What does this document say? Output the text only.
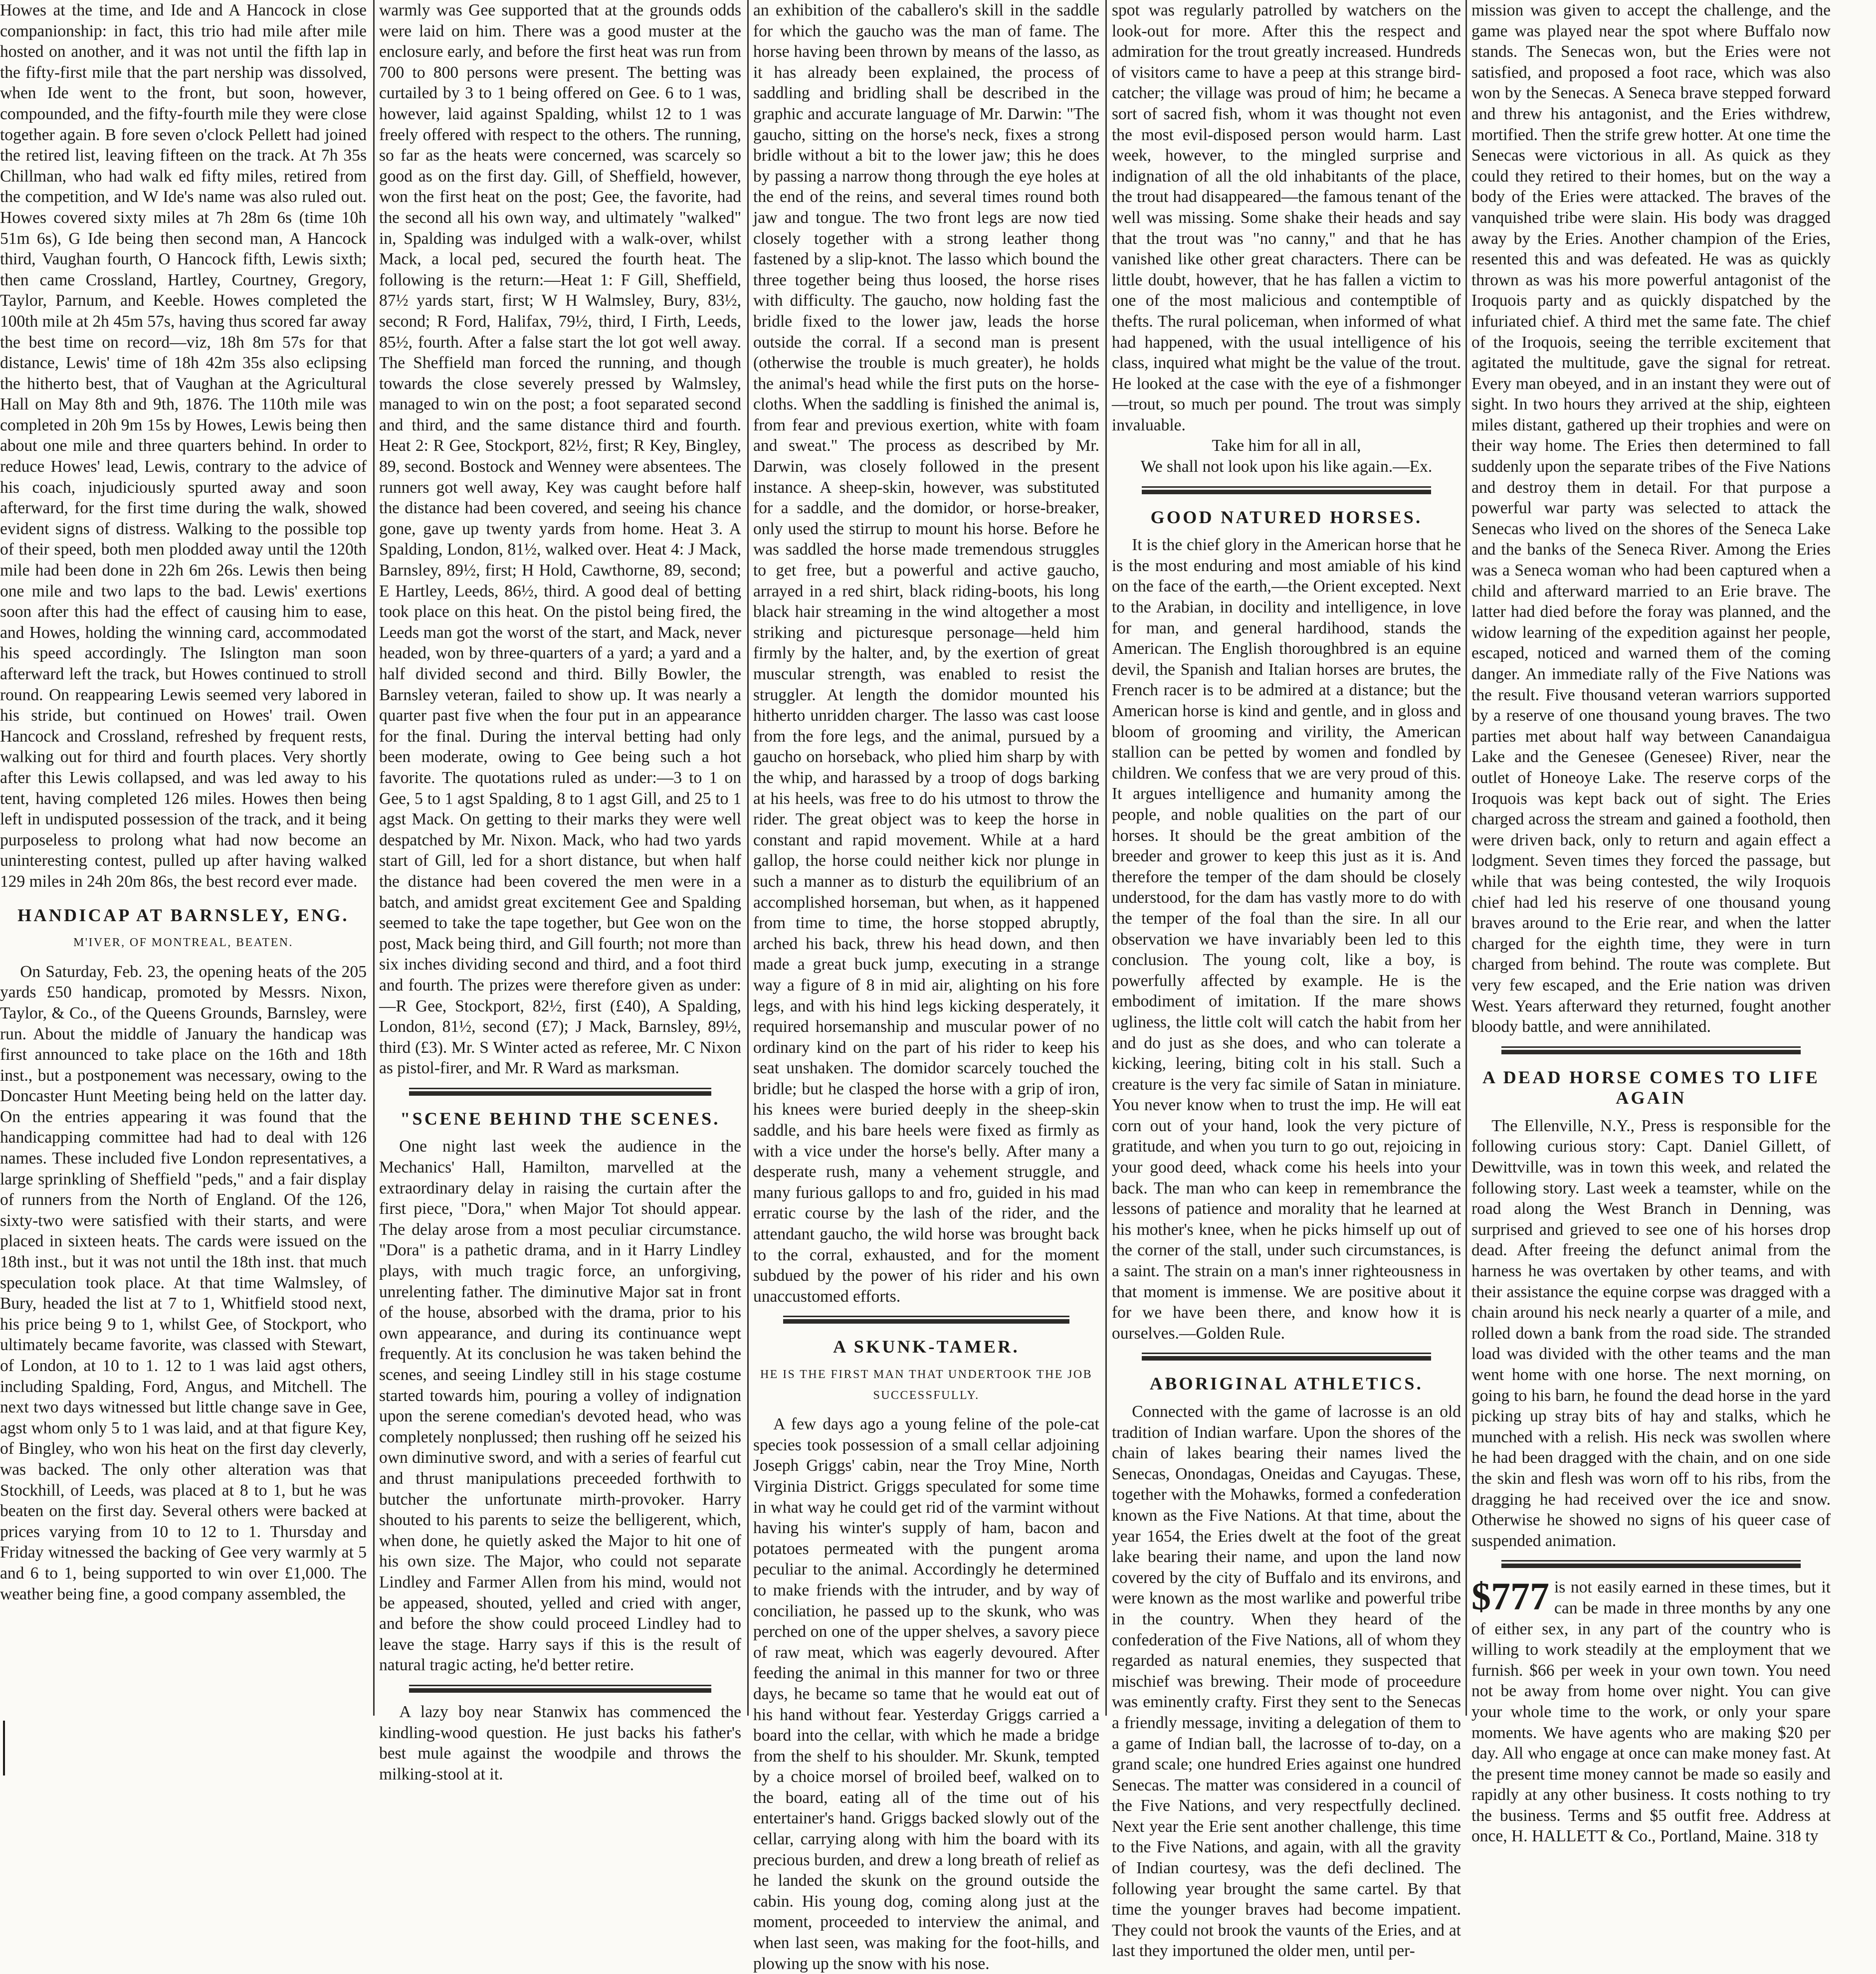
Howes at the time, and Ide and A Hancock in close companionship: in fact, this trio had mile after mile hosted on another, and it was not until the fifth lap in the fifty-first mile that the part nership was dissolved, when Ide went to the front, but soon, however, compounded, and the fifty-fourth mile they were close together again. B fore seven o'clock Pellett had joined the retired list, leaving fifteen on the track. At 7h 35s Chillman, who had walk ed fifty miles, retired from the competition, and W Ide's name was also ruled out. Howes covered sixty miles at 7h 28m 6s (time 10h 51m 6s), G Ide being then second man, A Hancock third, Vaughan fourth, O Hancock fifth, Lewis sixth; then came Crossland, Hartley, Courtney, Gregory, Taylor, Parnum, and Keeble. Howes completed the 100th mile at 2h 45m 57s, having thus scored far away the best time on record—viz, 18h 8m 57s for that distance, Lewis' time of 18h 42m 35s also eclipsing the hitherto best, that of Vaughan at the Agricultural Hall on May 8th and 9th, 1876. The 110th mile was completed in 20h 9m 15s by Howes, Lewis being then about one mile and three quarters behind. In order to reduce Howes' lead, Lewis, contrary to the advice of his coach, injudiciously spurted away and soon afterward, for the first time during the walk, showed evident signs of distress. Walking to the possible top of their speed, both men plodded away until the 120th mile had been done in 22h 6m 26s. Lewis then being one mile and two laps to the bad. Lewis' exertions soon after this had the effect of causing him to ease, and Howes, holding the winning card, accommodated his speed accordingly. The Islington man soon afterward left the track, but Howes continued to stroll round. On reappearing Lewis seemed very labored in his stride, but continued on Howes' trail. Owen Hancock and Crossland, refreshed by frequent rests, walking out for third and fourth places. Very shortly after this Lewis collapsed, and was led away to his tent, having completed 126 miles. Howes then being left in undisputed possession of the track, and it being purposeless to prolong what had now become an uninteresting contest, pulled up after having walked 129 miles in 24h 20m 86s, the best record ever made.

HANDICAP AT BARNSLEY, ENG.

M'IVER, OF MONTREAL, BEATEN.

On Saturday, Feb. 23, the opening heats of the 205 yards £50 handicap, promoted by Messrs. Nixon, Taylor, & Co., of the Queens Grounds, Barnsley, were run. About the middle of January the handicap was first announced to take place on the 16th and 18th inst., but a postponement was necessary, owing to the Doncaster Hunt Meeting being held on the latter day. On the entries appearing it was found that the handicapping committee had had to deal with 126 names. These included five London representatives, a large sprinkling of Sheffield "peds," and a fair display of runners from the North of England. Of the 126, sixty-two were satisfied with their starts, and were placed in sixteen heats. The cards were issued on the 18th inst., but it was not until the 18th inst. that much speculation took place. At that time Walmsley, of Bury, headed the list at 7 to 1, Whitfield stood next, his price being 9 to 1, whilst Gee, of Stockport, who ultimately became favorite, was classed with Stewart, of London, at 10 to 1. 12 to 1 was laid agst others, including Spalding, Ford, Angus, and Mitchell. The next two days witnessed but little change save in Gee, agst whom only 5 to 1 was laid, and at that figure Key, of Bingley, who won his heat on the first day cleverly, was backed. The only other alteration was that Stockhill, of Leeds, was placed at 8 to 1, but he was beaten on the first day. Several others were backed at prices varying from 10 to 12 to 1. Thursday and Friday witnessed the backing of Gee very warmly at 5 and 6 to 1, being supported to win over £1,000. The weather being fine, a good company assembled, the

warmly was Gee supported that at the grounds odds were laid on him. There was a good muster at the enclosure early, and before the first heat was run from 700 to 800 persons were present. The betting was curtailed by 3 to 1 being offered on Gee. 6 to 1 was, however, laid against Spalding, whilst 12 to 1 was freely offered with respect to the others. The running, so far as the heats were concerned, was scarcely so good as on the first day. Gill, of Sheffield, however, won the first heat on the post; Gee, the favorite, had the second all his own way, and ultimately "walked" in, Spalding was indulged with a walk-over, whilst Mack, a local ped, secured the fourth heat. The following is the return:—Heat 1: F Gill, Sheffield, 87½ yards start, first; W H Walmsley, Bury, 83½, second; R Ford, Halifax, 79½, third, I Firth, Leeds, 85½, fourth. After a false start the lot got well away. The Sheffield man forced the running, and though towards the close severely pressed by Walmsley, managed to win on the post; a foot separated second and third, and the same distance third and fourth. Heat 2: R Gee, Stockport, 82½, first; R Key, Bingley, 89, second. Bostock and Wenney were absentees. The runners got well away, Key was caught before half the distance had been covered, and seeing his chance gone, gave up twenty yards from home. Heat 3. A Spalding, London, 81½, walked over. Heat 4: J Mack, Barnsley, 89½, first; H Hold, Cawthorne, 89, second; E Hartley, Leeds, 86½, third. A good deal of betting took place on this heat. On the pistol being fired, the Leeds man got the worst of the start, and Mack, never headed, won by three-quarters of a yard; a yard and a half divided second and third. Billy Bowler, the Barnsley veteran, failed to show up. It was nearly a quarter past five when the four put in an appearance for the final. During the interval betting had only been moderate, owing to Gee being such a hot favorite. The quotations ruled as under:—3 to 1 on Gee, 5 to 1 agst Spalding, 8 to 1 agst Gill, and 25 to 1 agst Mack. On getting to their marks they were well despatched by Mr. Nixon. Mack, who had two yards start of Gill, led for a short distance, but when half the distance had been covered the men were in a batch, and amidst great excitement Gee and Spalding seemed to take the tape together, but Gee won on the post, Mack being third, and Gill fourth; not more than six inches dividing second and third, and a foot third and fourth. The prizes were therefore given as under:—R Gee, Stockport, 82½, first (£40), A Spalding, London, 81½, second (£7); J Mack, Barnsley, 89½, third (£3). Mr. S Winter acted as referee, Mr. C Nixon as pistol-firer, and Mr. R Ward as marksman.

"SCENE BEHIND THE SCENES.

One night last week the audience in the Mechanics' Hall, Hamilton, marvelled at the extraordinary delay in raising the curtain after the first piece, "Dora," when Major Tot should appear. The delay arose from a most peculiar circumstance. "Dora" is a pathetic drama, and in it Harry Lindley plays, with much tragic force, an unforgiving, unrelenting father. The diminutive Major sat in front of the house, absorbed with the drama, prior to his own appearance, and during its continuance wept frequently. At its conclusion he was taken behind the scenes, and seeing Lindley still in his stage costume started towards him, pouring a volley of indignation upon the serene comedian's devoted head, who was completely nonplussed; then rushing off he seized his own diminutive sword, and with a series of fearful cut and thrust manipulations preceeded forthwith to butcher the unfortunate mirth-provoker. Harry shouted to his parents to seize the belligerent, which, when done, he quietly asked the Major to hit one of his own size. The Major, who could not separate Lindley and Farmer Allen from his mind, would not be appeased, shouted, yelled and cried with anger, and before the show could proceed Lindley had to leave the stage. Harry says if this is the result of natural tragic acting, he'd better retire.

A lazy boy near Stanwix has commenced the kindling-wood question. He just backs his father's best mule against the woodpile and throws the milking-stool at it.

an exhibition of the caballero's skill in the saddle for which the gaucho was the man of fame. The horse having been thrown by means of the lasso, as it has already been explained, the process of saddling and bridling shall be described in the graphic and accurate language of Mr. Darwin: "The gaucho, sitting on the horse's neck, fixes a strong bridle without a bit to the lower jaw; this he does by passing a narrow thong through the eye holes at the end of the reins, and several times round both jaw and tongue. The two front legs are now tied closely together with a strong leather thong fastened by a slip-knot. The lasso which bound the three together being thus loosed, the horse rises with difficulty. The gaucho, now holding fast the bridle fixed to the lower jaw, leads the horse outside the corral. If a second man is present (otherwise the trouble is much greater), he holds the animal's head while the first puts on the horse-cloths. When the saddling is finished the animal is, from fear and previous exertion, white with foam and sweat." The process as described by Mr. Darwin, was closely followed in the present instance. A sheep-skin, however, was substituted for a saddle, and the domidor, or horse-breaker, only used the stirrup to mount his horse. Before he was saddled the horse made tremendous struggles to get free, but a powerful and active gaucho, arrayed in a red shirt, black riding-boots, his long black hair streaming in the wind altogether a most striking and picturesque personage—held him firmly by the halter, and, by the exertion of great muscular strength, was enabled to resist the struggler. At length the domidor mounted his hitherto unridden charger. The lasso was cast loose from the fore legs, and the animal, pursued by a gaucho on horseback, who plied him sharp by with the whip, and harassed by a troop of dogs barking at his heels, was free to do his utmost to throw the rider. The great object was to keep the horse in constant and rapid movement. While at a hard gallop, the horse could neither kick nor plunge in such a manner as to disturb the equilibrium of an accomplished horseman, but when, as it happened from time to time, the horse stopped abruptly, arched his back, threw his head down, and then made a great buck jump, executing in a strange way a figure of 8 in mid air, alighting on his fore legs, and with his hind legs kicking desperately, it required horsemanship and muscular power of no ordinary kind on the part of his rider to keep his seat unshaken. The domidor scarcely touched the bridle; but he clasped the horse with a grip of iron, his knees were buried deeply in the sheep-skin saddle, and his bare heels were fixed as firmly as with a vice under the horse's belly. After many a desperate rush, many a vehement struggle, and many furious gallops to and fro, guided in his mad erratic course by the lash of the rider, and the attendant gaucho, the wild horse was brought back to the corral, exhausted, and for the moment subdued by the power of his rider and his own unaccustomed efforts.

A SKUNK-TAMER.

HE IS THE FIRST MAN THAT UNDERTOOK THE JOB SUCCESSFULLY.

A few days ago a young feline of the pole-cat species took possession of a small cellar adjoining Joseph Griggs' cabin, near the Troy Mine, North Virginia District. Griggs speculated for some time in what way he could get rid of the varmint without having his winter's supply of ham, bacon and potatoes permeated with the pungent aroma peculiar to the animal. Accordingly he determined to make friends with the intruder, and by way of conciliation, he passed up to the skunk, who was perched on one of the upper shelves, a savory piece of raw meat, which was eagerly devoured. After feeding the animal in this manner for two or three days, he became so tame that he would eat out of his hand without fear. Yesterday Griggs carried a board into the cellar, with which he made a bridge from the shelf to his shoulder. Mr. Skunk, tempted by a choice morsel of broiled beef, walked on to the board, eating all of the time out of his entertainer's hand. Griggs backed slowly out of the cellar, carrying along with him the board with its precious burden, and drew a long breath of relief as he landed the skunk on the ground outside the cabin. His young dog, coming along just at the moment, proceeded to interview the animal, and when last seen, was making for the foot-hills, and plowing up the snow with his nose.

spot was regularly patrolled by watchers on the look-out for more. After this the respect and admiration for the trout greatly increased. Hundreds of visitors came to have a peep at this strange bird-catcher; the village was proud of him; he became a sort of sacred fish, whom it was thought not even the most evil-disposed person would harm. Last week, however, to the mingled surprise and indignation of all the old inhabitants of the place, the trout had disappeared—the famous tenant of the well was missing. Some shake their heads and say that the trout was "no canny," and that he has vanished like other great characters. There can be little doubt, however, that he has fallen a victim to one of the most malicious and contemptible of thefts. The rural policeman, when informed of what had happened, with the usual intelligence of his class, inquired what might be the value of the trout. He looked at the case with the eye of a fishmonger—trout, so much per pound. The trout was simply invaluable.

Take him for all in all,

We shall not look upon his like again.—Ex.

GOOD NATURED HORSES.

It is the chief glory in the American horse that he is the most enduring and most amiable of his kind on the face of the earth,—the Orient excepted. Next to the Arabian, in docility and intelligence, in love for man, and general hardihood, stands the American. The English thoroughbred is an equine devil, the Spanish and Italian horses are brutes, the French racer is to be admired at a distance; but the American horse is kind and gentle, and in gloss and bloom of grooming and virility, the American stallion can be petted by women and fondled by children. We confess that we are very proud of this. It argues intelligence and humanity among the people, and noble qualities on the part of our horses. It should be the great ambition of the breeder and grower to keep this just as it is. And therefore the temper of the dam should be closely understood, for the dam has vastly more to do with the temper of the foal than the sire. In all our observation we have invariably been led to this conclusion. The young colt, like a boy, is powerfully affected by example. He is the embodiment of imitation. If the mare shows ugliness, the little colt will catch the habit from her and do just as she does, and who can tolerate a kicking, leering, biting colt in his stall. Such a creature is the very fac simile of Satan in miniature. You never know when to trust the imp. He will eat corn out of your hand, look the very picture of gratitude, and when you turn to go out, rejoicing in your good deed, whack come his heels into your back. The man who can keep in remembrance the lessons of patience and morality that he learned at his mother's knee, when he picks himself up out of the corner of the stall, under such circumstances, is a saint. The strain on a man's inner righteousness in that moment is immense. We are positive about it for we have been there, and know how it is ourselves.—Golden Rule.

ABORIGINAL ATHLETICS.

Connected with the game of lacrosse is an old tradition of Indian warfare. Upon the shores of the chain of lakes bearing their names lived the Senecas, Onondagas, Oneidas and Cayugas. These, together with the Mohawks, formed a confederation known as the Five Nations. At that time, about the year 1654, the Eries dwelt at the foot of the great lake bearing their name, and upon the land now covered by the city of Buffalo and its environs, and were known as the most warlike and powerful tribe in the country. When they heard of the confederation of the Five Nations, all of whom they regarded as natural enemies, they suspected that mischief was brewing. Their mode of proceedure was eminently crafty. First they sent to the Senecas a friendly message, inviting a delegation of them to a game of Indian ball, the lacrosse of to-day, on a grand scale; one hundred Eries against one hundred Senecas. The matter was considered in a council of the Five Nations, and very respectfully declined. Next year the Erie sent another challenge, this time to the Five Nations, and again, with all the gravity of Indian courtesy, was the defi declined. The following year brought the same cartel. By that time the younger braves had become impatient. They could not brook the vaunts of the Eries, and at last they importuned the older men, until per-

mission was given to accept the challenge, and the game was played near the spot where Buffalo now stands. The Senecas won, but the Eries were not satisfied, and proposed a foot race, which was also won by the Senecas. A Seneca brave stepped forward and threw his antagonist, and the Eries withdrew, mortified. Then the strife grew hotter. At one time the Senecas were victorious in all. As quick as they could they retired to their homes, but on the way a body of the Eries were attacked. The braves of the vanquished tribe were slain. His body was dragged away by the Eries. Another champion of the Eries, resented this and was defeated. He was as quickly thrown as was his more powerful antagonist of the Iroquois party and as quickly dispatched by the infuriated chief. A third met the same fate. The chief of the Iroquois, seeing the terrible excitement that agitated the multitude, gave the signal for retreat. Every man obeyed, and in an instant they were out of sight. In two hours they arrived at the ship, eighteen miles distant, gathered up their trophies and were on their way home. The Eries then determined to fall suddenly upon the separate tribes of the Five Nations and destroy them in detail. For that purpose a powerful war party was selected to attack the Senecas who lived on the shores of the Seneca Lake and the banks of the Seneca River. Among the Eries was a Seneca woman who had been captured when a child and afterward married to an Erie brave. The latter had died before the foray was planned, and the widow learning of the expedition against her people, escaped, noticed and warned them of the coming danger. An immediate rally of the Five Nations was the result. Five thousand veteran warriors supported by a reserve of one thousand young braves. The two parties met about half way between Canandaigua Lake and the Genesee (Genesee) River, near the outlet of Honeoye Lake. The reserve corps of the Iroquois was kept back out of sight. The Eries charged across the stream and gained a foothold, then were driven back, only to return and again effect a lodgment. Seven times they forced the passage, but while that was being contested, the wily Iroquois chief had led his reserve of one thousand young braves around to the Erie rear, and when the latter charged for the eighth time, they were in turn charged from behind. The route was complete. But very few escaped, and the Erie nation was driven West. Years afterward they returned, fought another bloody battle, and were annihilated.

A DEAD HORSE COMES TO LIFE AGAIN

The Ellenville, N.Y., Press is responsible for the following curious story: Capt. Daniel Gillett, of Dewittville, was in town this week, and related the following story. Last week a teamster, while on the road along the West Branch in Denning, was surprised and grieved to see one of his horses drop dead. After freeing the defunct animal from the harness he was overtaken by other teams, and with their assistance the equine corpse was dragged with a chain around his neck nearly a quarter of a mile, and rolled down a bank from the road side. The stranded load was divided with the other teams and the man went home with one horse. The next morning, on going to his barn, he found the dead horse in the yard picking up stray bits of hay and stalks, which he munched with a relish. His neck was swollen where he had been dragged with the chain, and on one side the skin and flesh was worn off to his ribs, from the dragging he had received over the ice and snow. Otherwise he showed no signs of his queer case of suspended animation.

$777 is not easily earned in these times, but it can be made in three months by any one of either sex, in any part of the country who is willing to work steadily at the employment that we furnish. $66 per week in your own town. You need not be away from home over night. You can give your whole time to the work, or only your spare moments. We have agents who are making $20 per day. All who engage at once can make money fast. At the present time money cannot be made so easily and rapidly at any other business. It costs nothing to try the business. Terms and $5 outfit free. Address at once, H. HALLETT & Co., Portland, Maine. 318 ty
